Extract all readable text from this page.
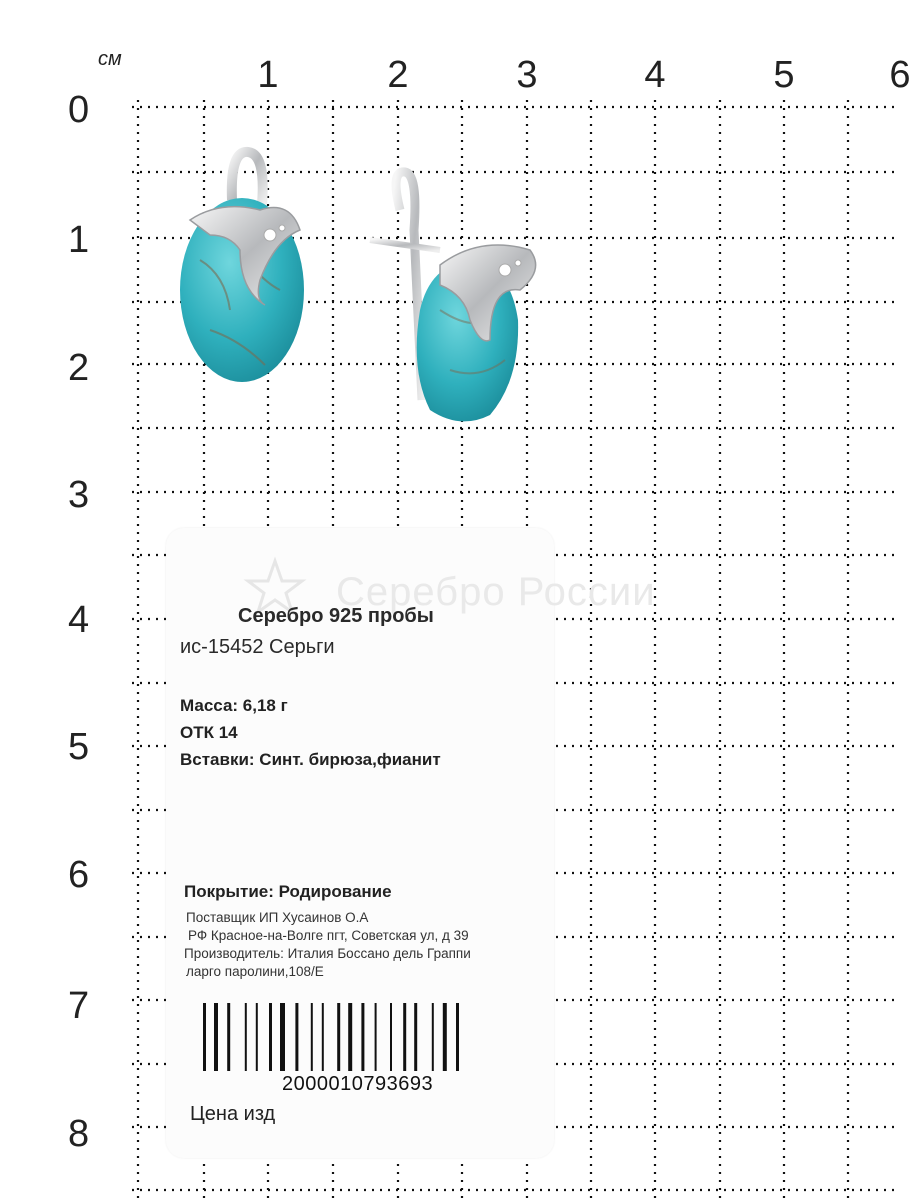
см	1	2	3	4	5 6
0
1
2
3
4
5
6
7
8
Серебро России
Серебро 925 пробы
ис-15452 Серьги
Масса: 6,18 г
ОТК 14
Вставки: Синт. бирюза,фианит
Покрытие: Родирование
Поставщик ИП Хусаинов О.А
РФ Красное-на-Волге пгт, Советская ул, д 39
Производитель: Италия Боссано дель Граппи
ларго паролини,108/E
2000010793693
Цена изд
